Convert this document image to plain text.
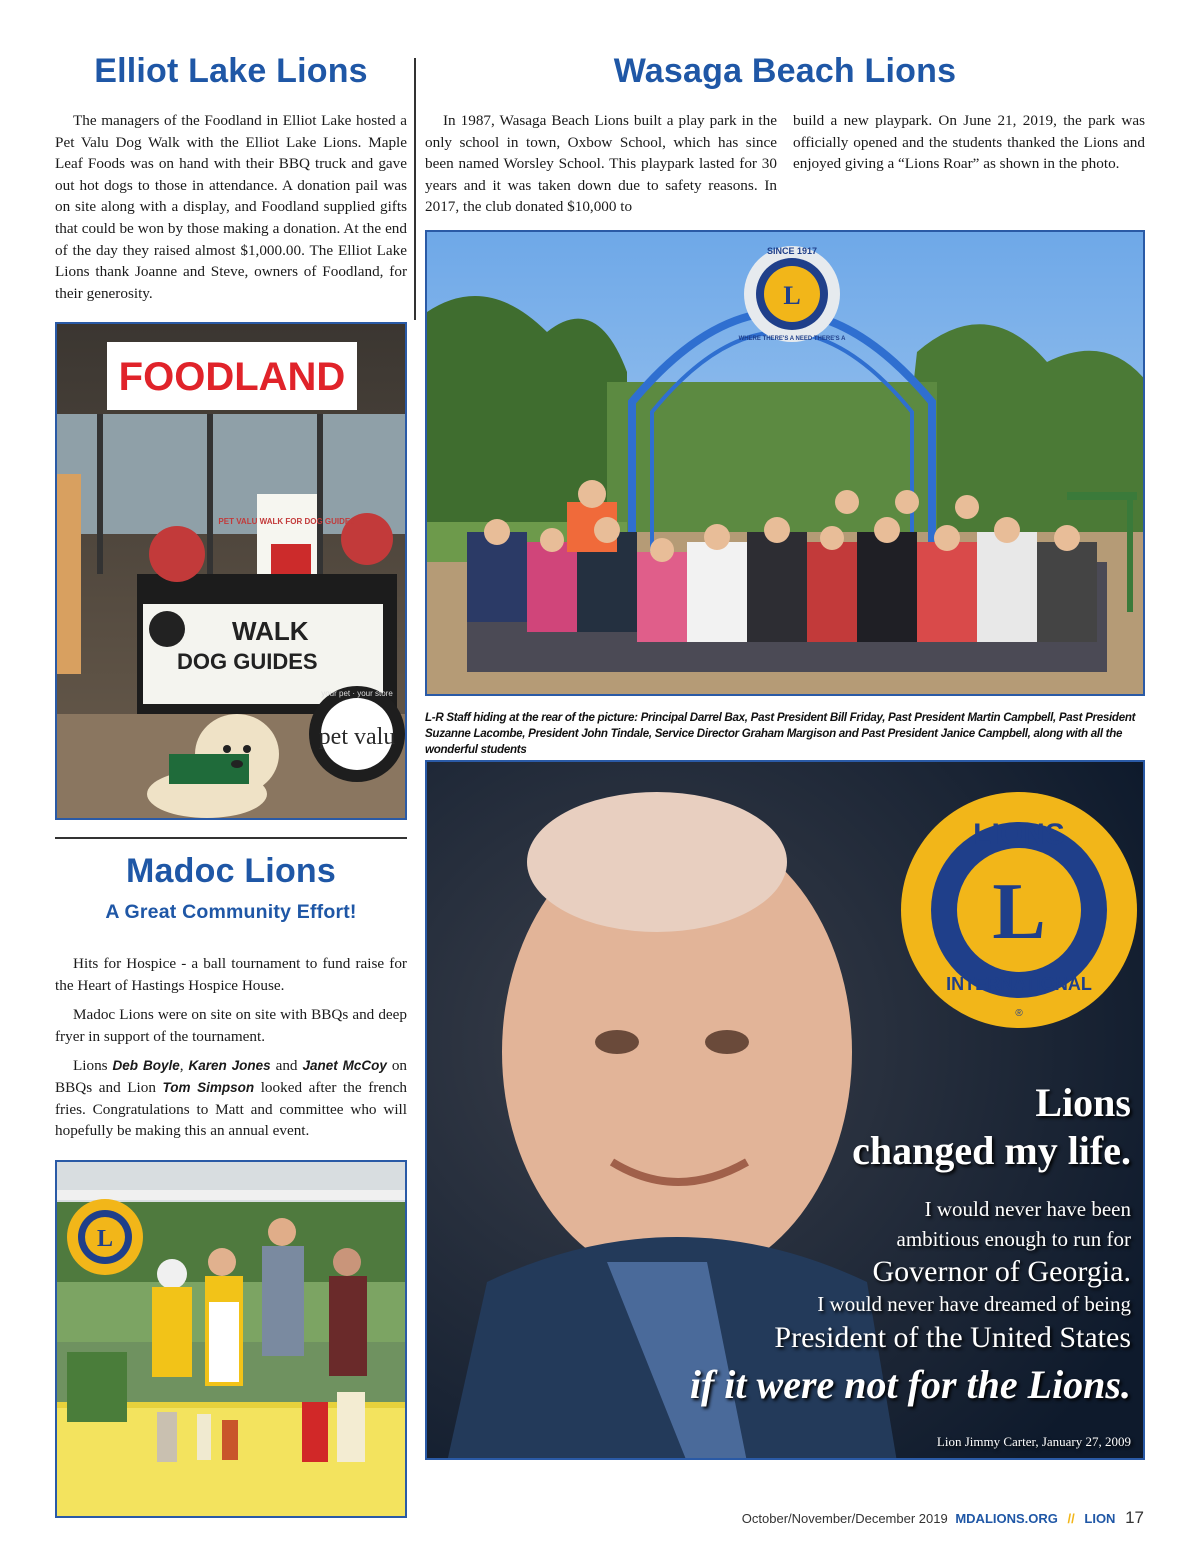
Elliot Lake Lions

The managers of the Foodland in Elliot Lake hosted a Pet Valu Dog Walk with the Elliot Lake Lions. Maple Leaf Foods was on hand with their BBQ truck and gave out hot dogs to those in attendance. A donation pail was on site along with a display, and Foodland supplied gifts that could be won by those making a donation. At the end of the day they raised almost $1,000.00. The Elliot Lake Lions thank Joanne and Steve, owners of Foodland, for their generosity.

FOODLAND
PET VALU WALK FOR DOG GUIDES
WALK
DOG GUIDES
pet valu
your pet · your store
Madoc Lions
A Great Community Effort!

Hits for Hospice - a ball tournament to fund raise for the Heart of Hastings Hospice House.

Madoc Lions were on site on site with BBQs and deep fryer in support of the tournament.

Lions Deb Boyle, Karen Jones and Janet McCoy on BBQs and Lion Tom Simpson looked after the french fries. Congratulations to Matt and committee who will hopefully be making this an annual event.

L
Wasaga Beach Lions

In 1987, Wasaga Beach Lions built a play park in the only school in town, Oxbow School, which has since been named Worsley School. This playpark lasted for 30 years and it was taken down due to safety reasons. In 2017, the club donated $10,000 to

build a new playpark. On June 21, 2019, the park was officially opened and the students thanked the Lions and enjoyed giving a “Lions Roar” as shown in the photo.

L
SINCE 1917
WHERE THERE'S A NEED THERE'S A
L-R Staff hiding at the rear of the picture: Principal Darrel Bax, Past President Bill Friday, Past President Martin Campbell, Past President Suzanne Lacombe, President John Tindale, Service Director Graham Margison and Past President Janice Campbell, along with all the wonderful students
L
LIONS
INTERNATIONAL
®
Lions
changed my life.
I would never have been
ambitious enough to run for
Governor of Georgia.
I would never have dreamed of being
President of the United States
if it were not for the Lions.
Lion Jimmy Carter, January 27, 2009
October/November/December 2019 MDALIONS.ORG // LION 17
